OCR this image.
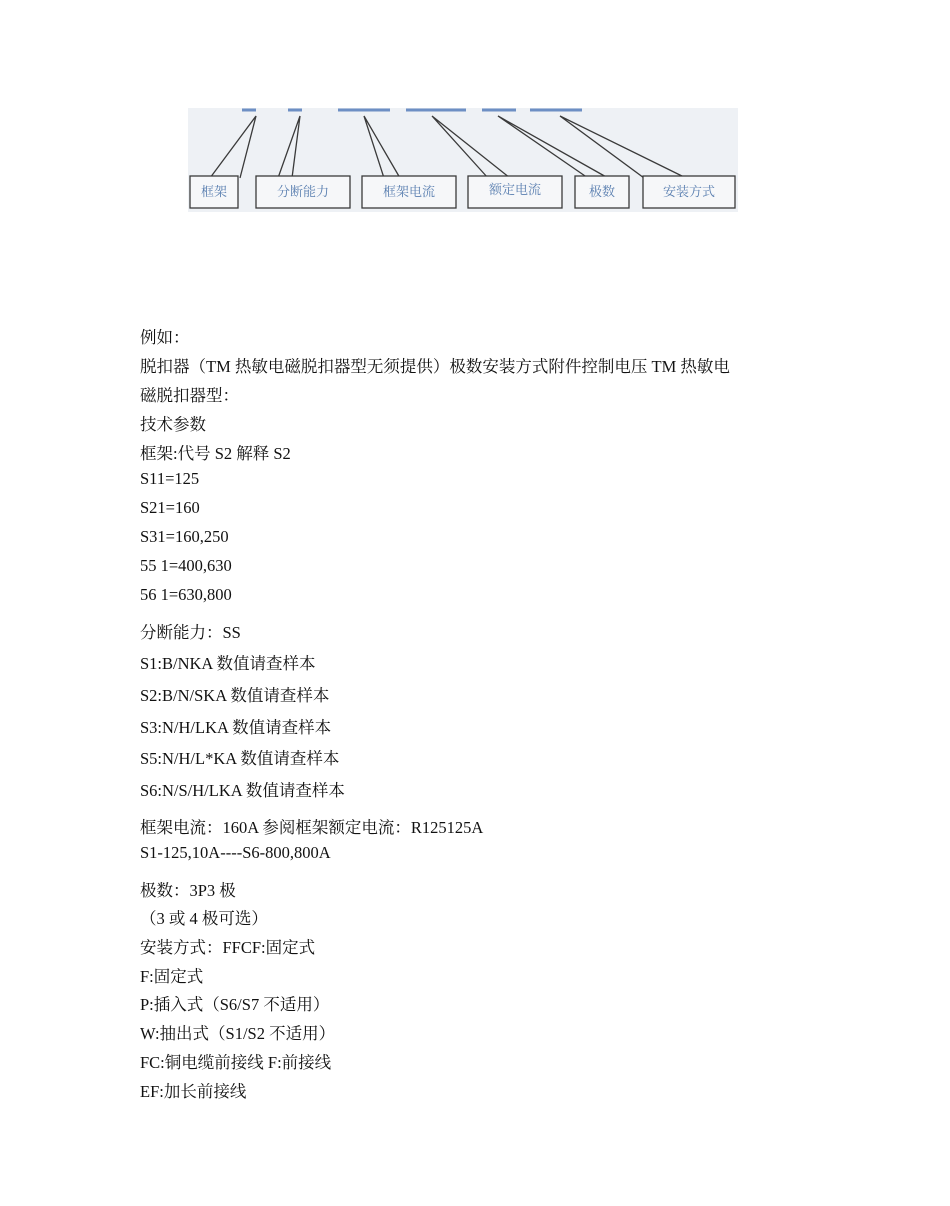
框架	分断能力	框架电流	额定电流	极数	安装方式
例如：
脱扣器（TM 热敏电磁脱扣器型无须提供）极数安装方式附件控制电压 TM 热敏电
磁脱扣器型：
技术参数
框架:代号 S2 解释 S2
S11=125
S21=160
S31=160,250
55 1=400,630
56 1=630,800
分断能力：SS
S1:B/NKA 数值请查样本
S2:B/N/SKA 数值请查样本
S3:N/H/LKA 数值请查样本
S5:N/H/L*KA 数值请查样本
S6:N/S/H/LKA 数值请查样本
框架电流：160A 参阅框架额定电流：R125125A
S1-125,10A----S6-800,800A
极数：3P3 极
（3 或 4 极可选）
安装方式：FFCF:固定式
F:固定式
P:插入式（S6/S7 不适用）
W:抽出式（S1/S2 不适用）
FC:铜电缆前接线 F:前接线
EF:加长前接线
